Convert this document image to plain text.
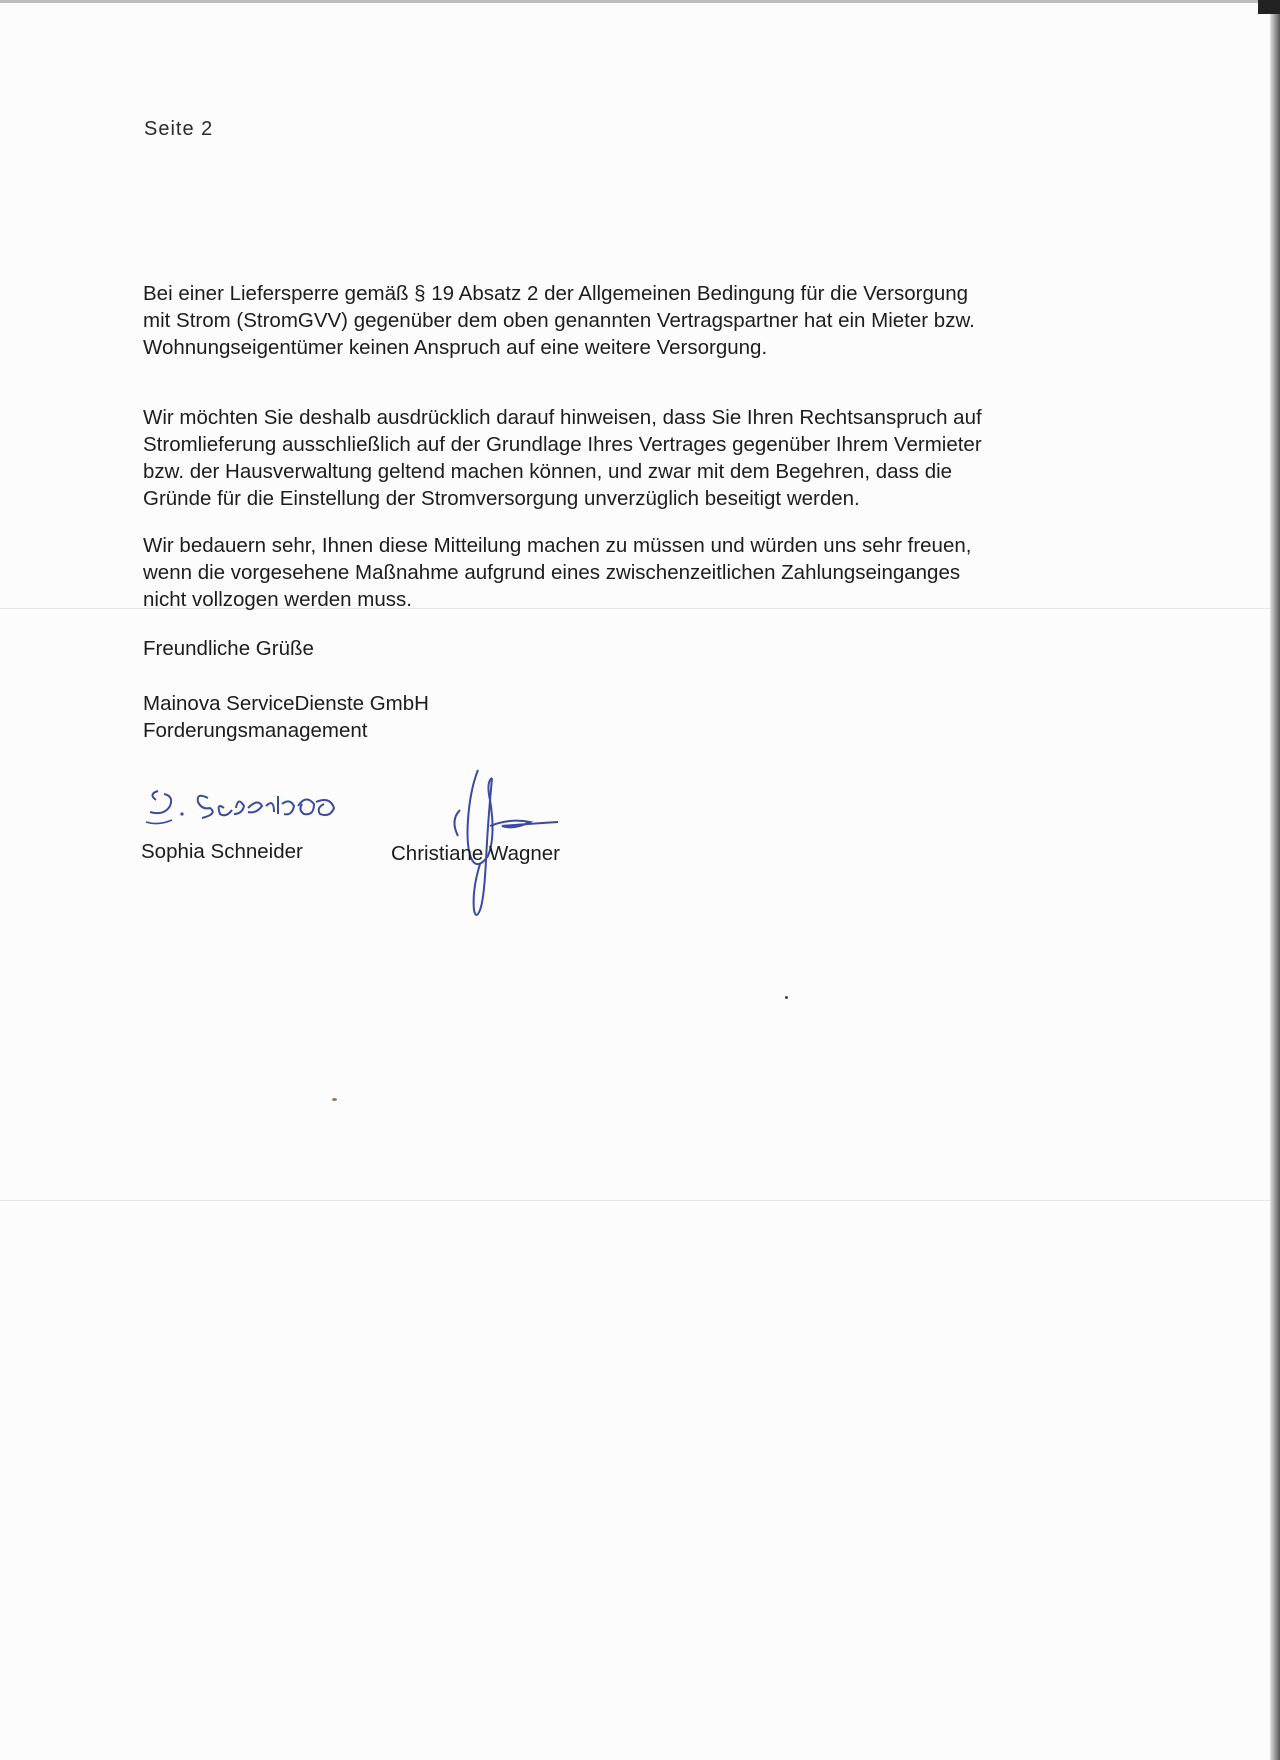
Seite 2
Bei einer Liefersperre gemäß § 19 Absatz 2 der Allgemeinen Bedingung für die Versorgung
mit Strom (StromGVV) gegenüber dem oben genannten Vertragspartner hat ein Mieter bzw.
Wohnungseigentümer keinen Anspruch auf eine weitere Versorgung.
Wir möchten Sie deshalb ausdrücklich darauf hinweisen, dass Sie Ihren Rechtsanspruch auf
Stromlieferung ausschließlich auf der Grundlage Ihres Vertrages gegenüber Ihrem Vermieter
bzw. der Hausverwaltung geltend machen können, und zwar mit dem Begehren, dass die
Gründe für die Einstellung der Stromversorgung unverzüglich beseitigt werden.
Wir bedauern sehr, Ihnen diese Mitteilung machen zu müssen und würden uns sehr freuen,
wenn die vorgesehene Maßnahme aufgrund eines zwischenzeitlichen Zahlungseinganges
nicht vollzogen werden muss.
Freundliche Grüße
Mainova ServiceDienste GmbH
Forderungsmanagement
Sophia Schneider	Christiane Wagner
